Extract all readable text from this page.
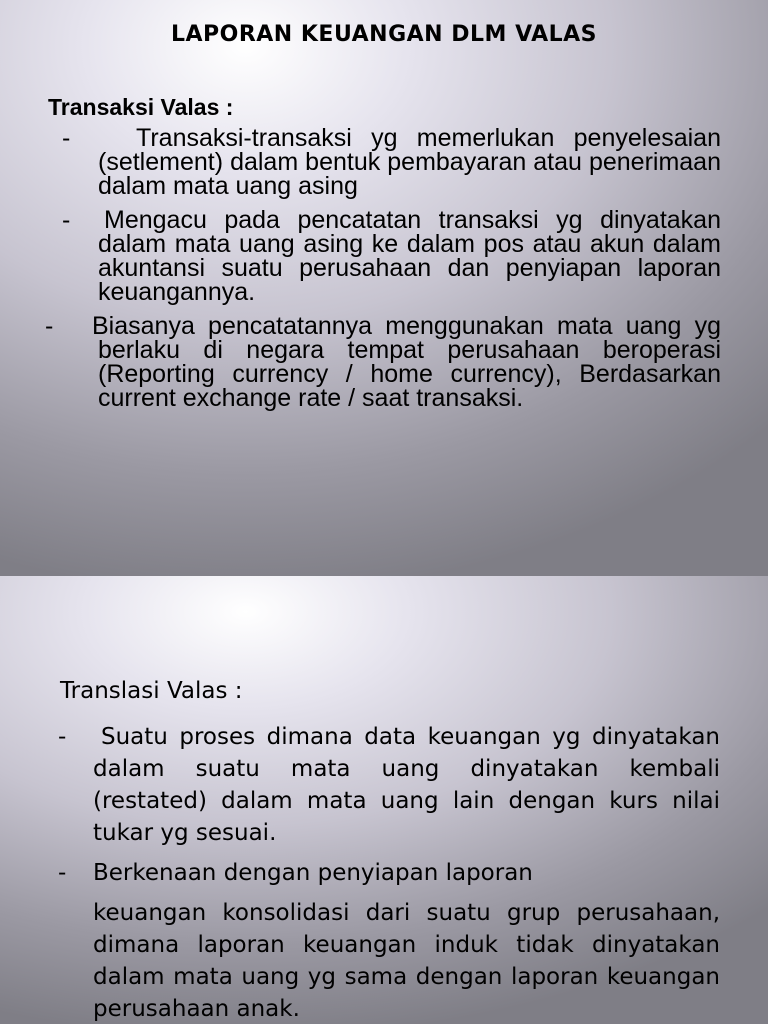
LAPORAN KEUANGAN DLM VALAS
Transaksi Valas :
-	Transaksi-transaksi yg memerlukan penyelesaian (setlement) dalam bentuk pembayaran atau penerimaan dalam mata uang asing
- Mengacu pada pencatatan transaksi yg dinyatakan dalam mata uang asing ke dalam pos atau akun dalam akuntansi suatu perusahaan dan penyiapan laporan keuangannya.
- Biasanya pencatatannya menggunakan mata uang yg berlaku di negara tempat perusahaan beroperasi (Reporting currency / home currency), Berdasarkan current exchange rate / saat transaksi.
Translasi Valas :
-	Suatu proses dimana data keuangan yg dinyatakan dalam suatu mata uang dinyatakan kembali (restated) dalam mata uang lain dengan kurs nilai tukar yg sesuai.
- Berkenaan dengan penyiapan laporan
keuangan konsolidasi dari suatu grup perusahaan, dimana laporan keuangan induk tidak dinyatakan dalam mata uang yg sama dengan laporan keuangan perusahaan anak.
